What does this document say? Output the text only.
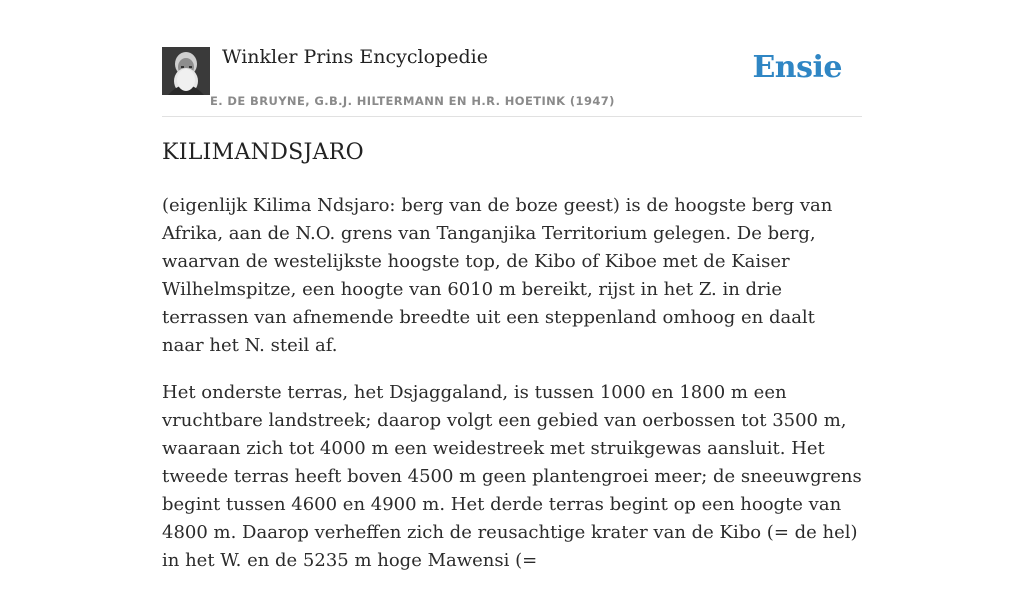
Winkler Prins Encyclopedie
E. DE BRUYNE, G.B.J. HILTERMANN EN H.R. HOETINK (1947)
Ensie
KILIMANDSJARO

(eigenlijk Kilima Ndsjaro: berg van de boze geest) is de hoogste berg van Afrika, aan de N.O. grens van Tanganjika Territorium gelegen. De berg, waarvan de westelijkste hoogste top, de Kibo of Kiboe met de Kaiser Wilhelmspitze, een hoogte van 6010 m bereikt, rijst in het Z. in drie terrassen van afnemende breedte uit een steppenland omhoog en daalt naar het N. steil af.

Het onderste terras, het Dsjaggaland, is tussen 1000 en 1800 m een vruchtbare landstreek; daarop volgt een gebied van oerbossen tot 3500 m, waaraan zich tot 4000 m een weidestreek met struikgewas aansluit. Het tweede terras heeft boven 4500 m geen plantengroei meer; de sneeuwgrens begint tussen 4600 en 4900 m. Het derde terras begint op een hoogte van 4800 m. Daarop verheffen zich de reusachtige krater van de Kibo (= de hel) in het W. en de 5235 m hoge Mawensi (=
